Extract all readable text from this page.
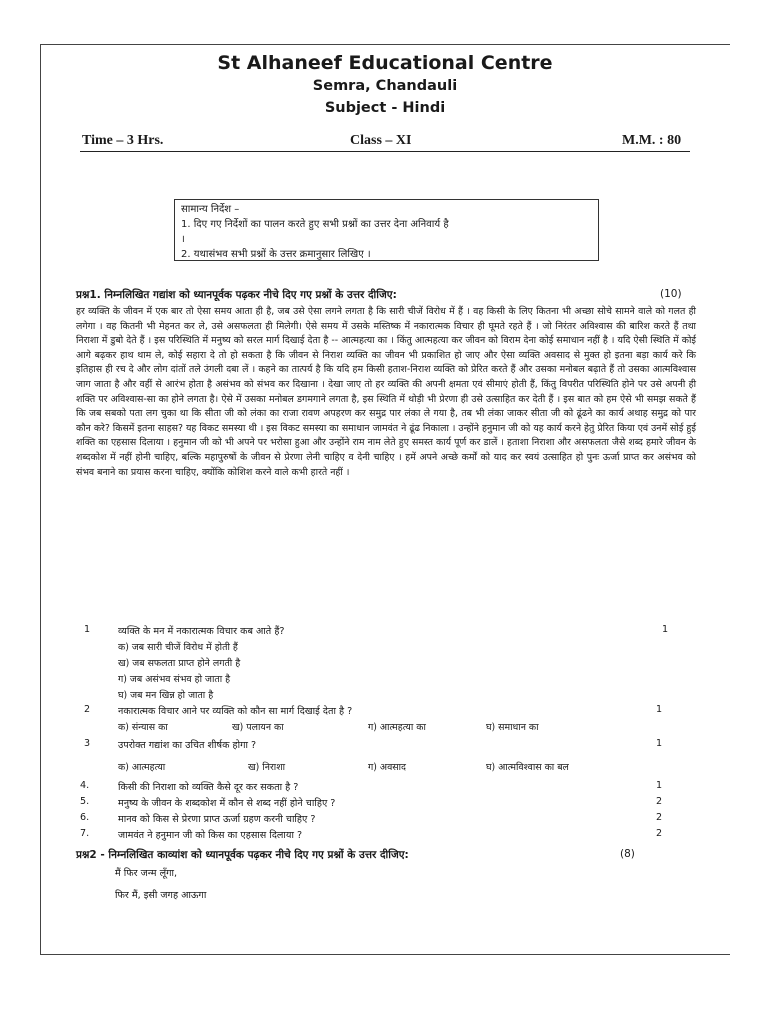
St Alhaneef Educational Centre
Semra, Chandauli
Subject - Hindi
Time – 3 Hrs.	Class – XI	M.M. : 80
सामान्य निर्देश –
1. दिए गए निर्देशों का पालन करते हुए सभी प्रश्नों का उत्तर देना अनिवार्य है
।
2. यथासंभव सभी प्रश्नों के उत्तर क्रमानुसार लिखिए ।
प्रश्न1. निम्नलिखित गद्यांश को ध्यानपूर्वक पढ़कर नीचे दिए गए प्रश्नों के उत्तर दीजिए:	(10)
हर व्यक्ति के जीवन में एक बार तो ऐसा समय आता ही है, जब उसे ऐसा लगने लगता है कि सारी चीजें विरोध में हैं । वह किसी के लिए कितना भी अच्छा सोचे सामने वाले को गलत ही लगेगा । वह कितनी भी मेहनत कर ले, उसे असफलता ही मिलेगी। ऐसे समय में उसके मस्तिष्क में नकारात्मक विचार ही घूमते रहते हैं । जो निरंतर अविश्वास की बारिश करते हैं तथा निराशा में डुबो देते हैं । इस परिस्थिति में मनुष्य को सरल मार्ग दिखाई देता है -- आत्महत्या का । किंतु आत्महत्या कर जीवन को विराम देना कोई समाधान नहीं है । यदि ऐसी स्थिति में कोई आगे बढ़कर हाथ थाम ले, कोई सहारा दे तो हो सकता है कि जीवन से निराश व्यक्ति का जीवन भी प्रकाशित हो जाए और ऐसा व्यक्ति अवसाद से मुक्त हो इतना बड़ा कार्य करे कि इतिहास ही रच दे और लोग दांतों तले उंगली दबा लें । कहने का तात्पर्य है कि यदि हम किसी हताश-निराश व्यक्ति को प्रेरित करते हैं और उसका मनोबल बढ़ाते हैं तो उसका आत्मविश्वास जाग जाता है और वहीं से आरंभ होता है असंभव को संभव कर दिखाना । देखा जाए तो हर व्यक्ति की अपनी क्षमता एवं सीमाएं होती हैं, किंतु विपरीत परिस्थिति होने पर उसे अपनी ही शक्ति पर अविश्वास-सा का होने लगता है। ऐसे में उसका मनोबल डगमगाने लगता है, इस स्थिति में थोड़ी भी प्रेरणा ही उसे उत्साहित कर देती हैं । इस बात को हम ऐसे भी समझ सकते हैं कि जब सबको पता लग चुका था कि सीता जी को लंका का राजा रावण अपहरण कर समुद्र पार लंका ले गया है, तब भी लंका जाकर सीता जी को ढूंढने का कार्य अथाह समुद्र को पार कौन करे? किसमें इतना साहस? यह विकट समस्या थी । इस विकट समस्या का समाधान जामवंत ने ढूंढ निकाला । उन्होंने हनुमान जी को यह कार्य करने हेतु प्रेरित किया एवं उनमें सोई हुई शक्ति का एहसास दिलाया । हनुमान जी को भी अपने पर भरोसा हुआ और उन्होंने राम नाम लेते हुए समस्त कार्य पूर्ण कर डालें । हताशा निराशा और असफलता जैसे शब्द हमारे जीवन के शब्दकोश में नहीं होनी चाहिए, बल्कि महापुरुषों के जीवन से प्रेरणा लेनी चाहिए व देनी चाहिए । हमें अपने अच्छे कर्मों को याद कर स्वयं उत्साहित हो पुनः ऊर्जा प्राप्त कर असंभव को संभव बनाने का प्रयास करना चाहिए, क्योंकि कोशिश करने वाले कभी हारते नहीं ।
1	व्यक्ति के मन में नकारात्मक विचार कब आते हैं?	1
क) जब सारी चीजें विरोध में होती हैं
ख) जब सफलता प्राप्त होने लगती है
ग) जब असंभव संभव हो जाता है
घ) जब मन खिन्न हो जाता है
2	नकारात्मक विचार आने पर व्यक्ति को कौन सा मार्ग दिखाई देता है ?	1
क) संन्यास का	ख) पलायन का	ग) आत्महत्या का	घ) समाधान का
3	उपरोक्त गद्यांश का उचित शीर्षक होगा ?	1
क) आत्महत्या	ख) निराशा	ग) अवसाद	घ) आत्मविश्वास का बल
4.	किसी की निराशा को व्यक्ति कैसे दूर कर सकता है ?	1
5.	मनुष्य के जीवन के शब्दकोश में कौन से शब्द नहीं होने चाहिए ?	2
6.	मानव को किस से प्रेरणा प्राप्त ऊर्जा ग्रहण करनी चाहिए ?	2
7.	जामवंत ने हनुमान जी को किस का एहसास दिलाया ?	2
प्रश्न2 - निम्नलिखित काव्यांश को ध्यानपूर्वक पढ़कर नीचे दिए गए प्रश्नों के उत्तर दीजिए:	(8)
मैं फिर जन्म लूँगा,
फिर मैं, इसी जगह आऊगा
